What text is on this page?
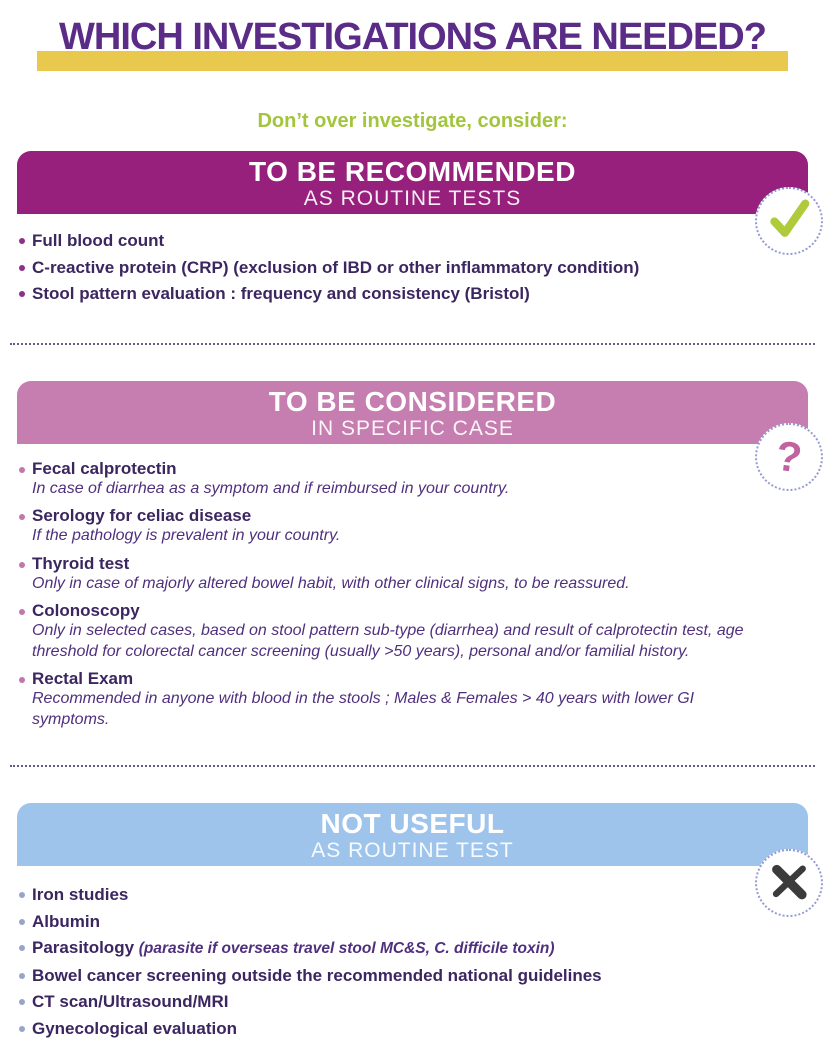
WHICH INVESTIGATIONS ARE NEEDED?

Don’t over investigate, consider:

TO BE RECOMMENDED
AS ROUTINE TESTS
Full blood count
C-reactive protein (CRP) (exclusion of IBD or other inflammatory condition)
Stool pattern evaluation : frequency and consistency (Bristol)
TO BE CONSIDERED
IN SPECIFIC CASE
?
Fecal calprotectin
In case of diarrhea as a symptom and if reimbursed in your country.
Serology for celiac disease
If the pathology is prevalent in your country.
Thyroid test
Only in case of majorly altered bowel habit, with other clinical signs, to be reassured.
Colonoscopy
Only in selected cases, based on stool pattern sub-type (diarrhea) and result of calprotectin test, age threshold for colorectal cancer screening (usually >50 years), personal and/or familial history.
Rectal Exam
Recommended in anyone with blood in the stools ; Males & Females > 40 years with lower GI symptoms.
NOT USEFUL
AS ROUTINE TEST
Iron studies
Albumin
Parasitology (parasite if overseas travel stool MC&S, C. difficile toxin)
Bowel cancer screening outside the recommended national guidelines
CT scan/Ultrasound/MRI
Gynecological evaluation
